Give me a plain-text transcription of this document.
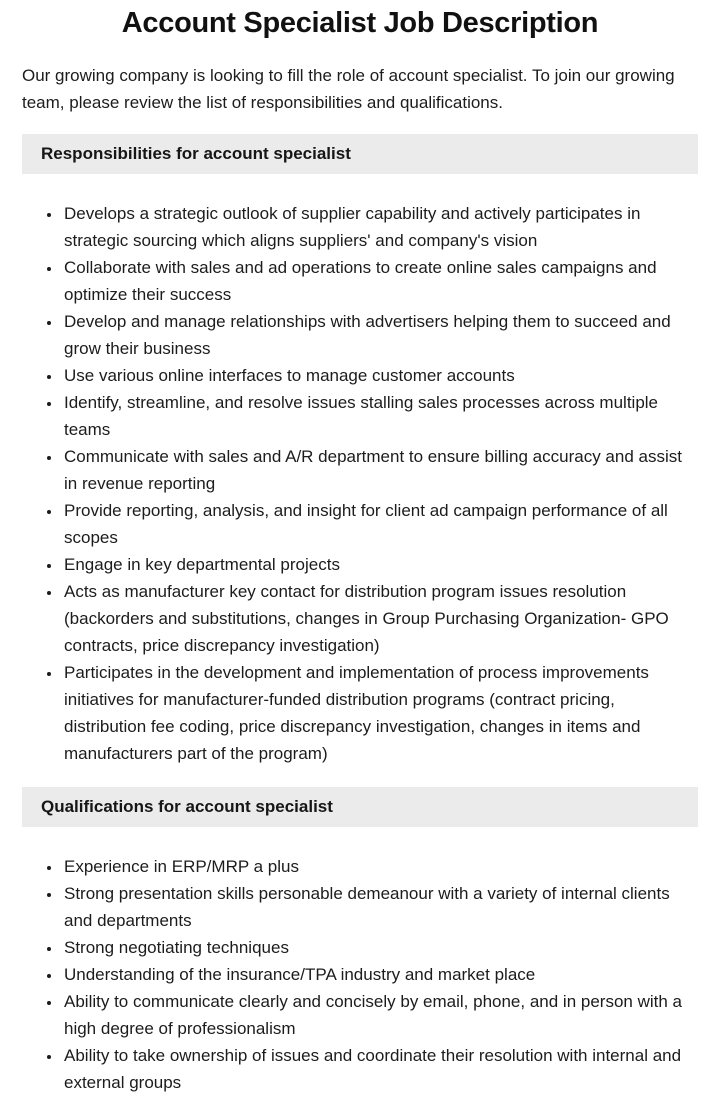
Account Specialist Job Description

Our growing company is looking to fill the role of account specialist. To join our growing team, please review the list of responsibilities and qualifications.

Responsibilities for account specialist
• Develops a strategic outlook of supplier capability and actively participates in strategic sourcing which aligns suppliers' and company's vision
• Collaborate with sales and ad operations to create online sales campaigns and optimize their success
• Develop and manage relationships with advertisers helping them to succeed and grow their business
• Use various online interfaces to manage customer accounts
• Identify, streamline, and resolve issues stalling sales processes across multiple teams
• Communicate with sales and A/R department to ensure billing accuracy and assist in revenue reporting
• Provide reporting, analysis, and insight for client ad campaign performance of all scopes
• Engage in key departmental projects
• Acts as manufacturer key contact for distribution program issues resolution (backorders and substitutions, changes in Group Purchasing Organization- GPO contracts, price discrepancy investigation)
• Participates in the development and implementation of process improvements initiatives for manufacturer-funded distribution programs (contract pricing, distribution fee coding, price discrepancy investigation, changes in items and manufacturers part of the program)
Qualifications for account specialist
• Experience in ERP/MRP a plus
• Strong presentation skills personable demeanour with a variety of internal clients and departments
• Strong negotiating techniques
• Understanding of the insurance/TPA industry and market place
• Ability to communicate clearly and concisely by email, phone, and in person with a high degree of professionalism
• Ability to take ownership of issues and coordinate their resolution with internal and external groups
